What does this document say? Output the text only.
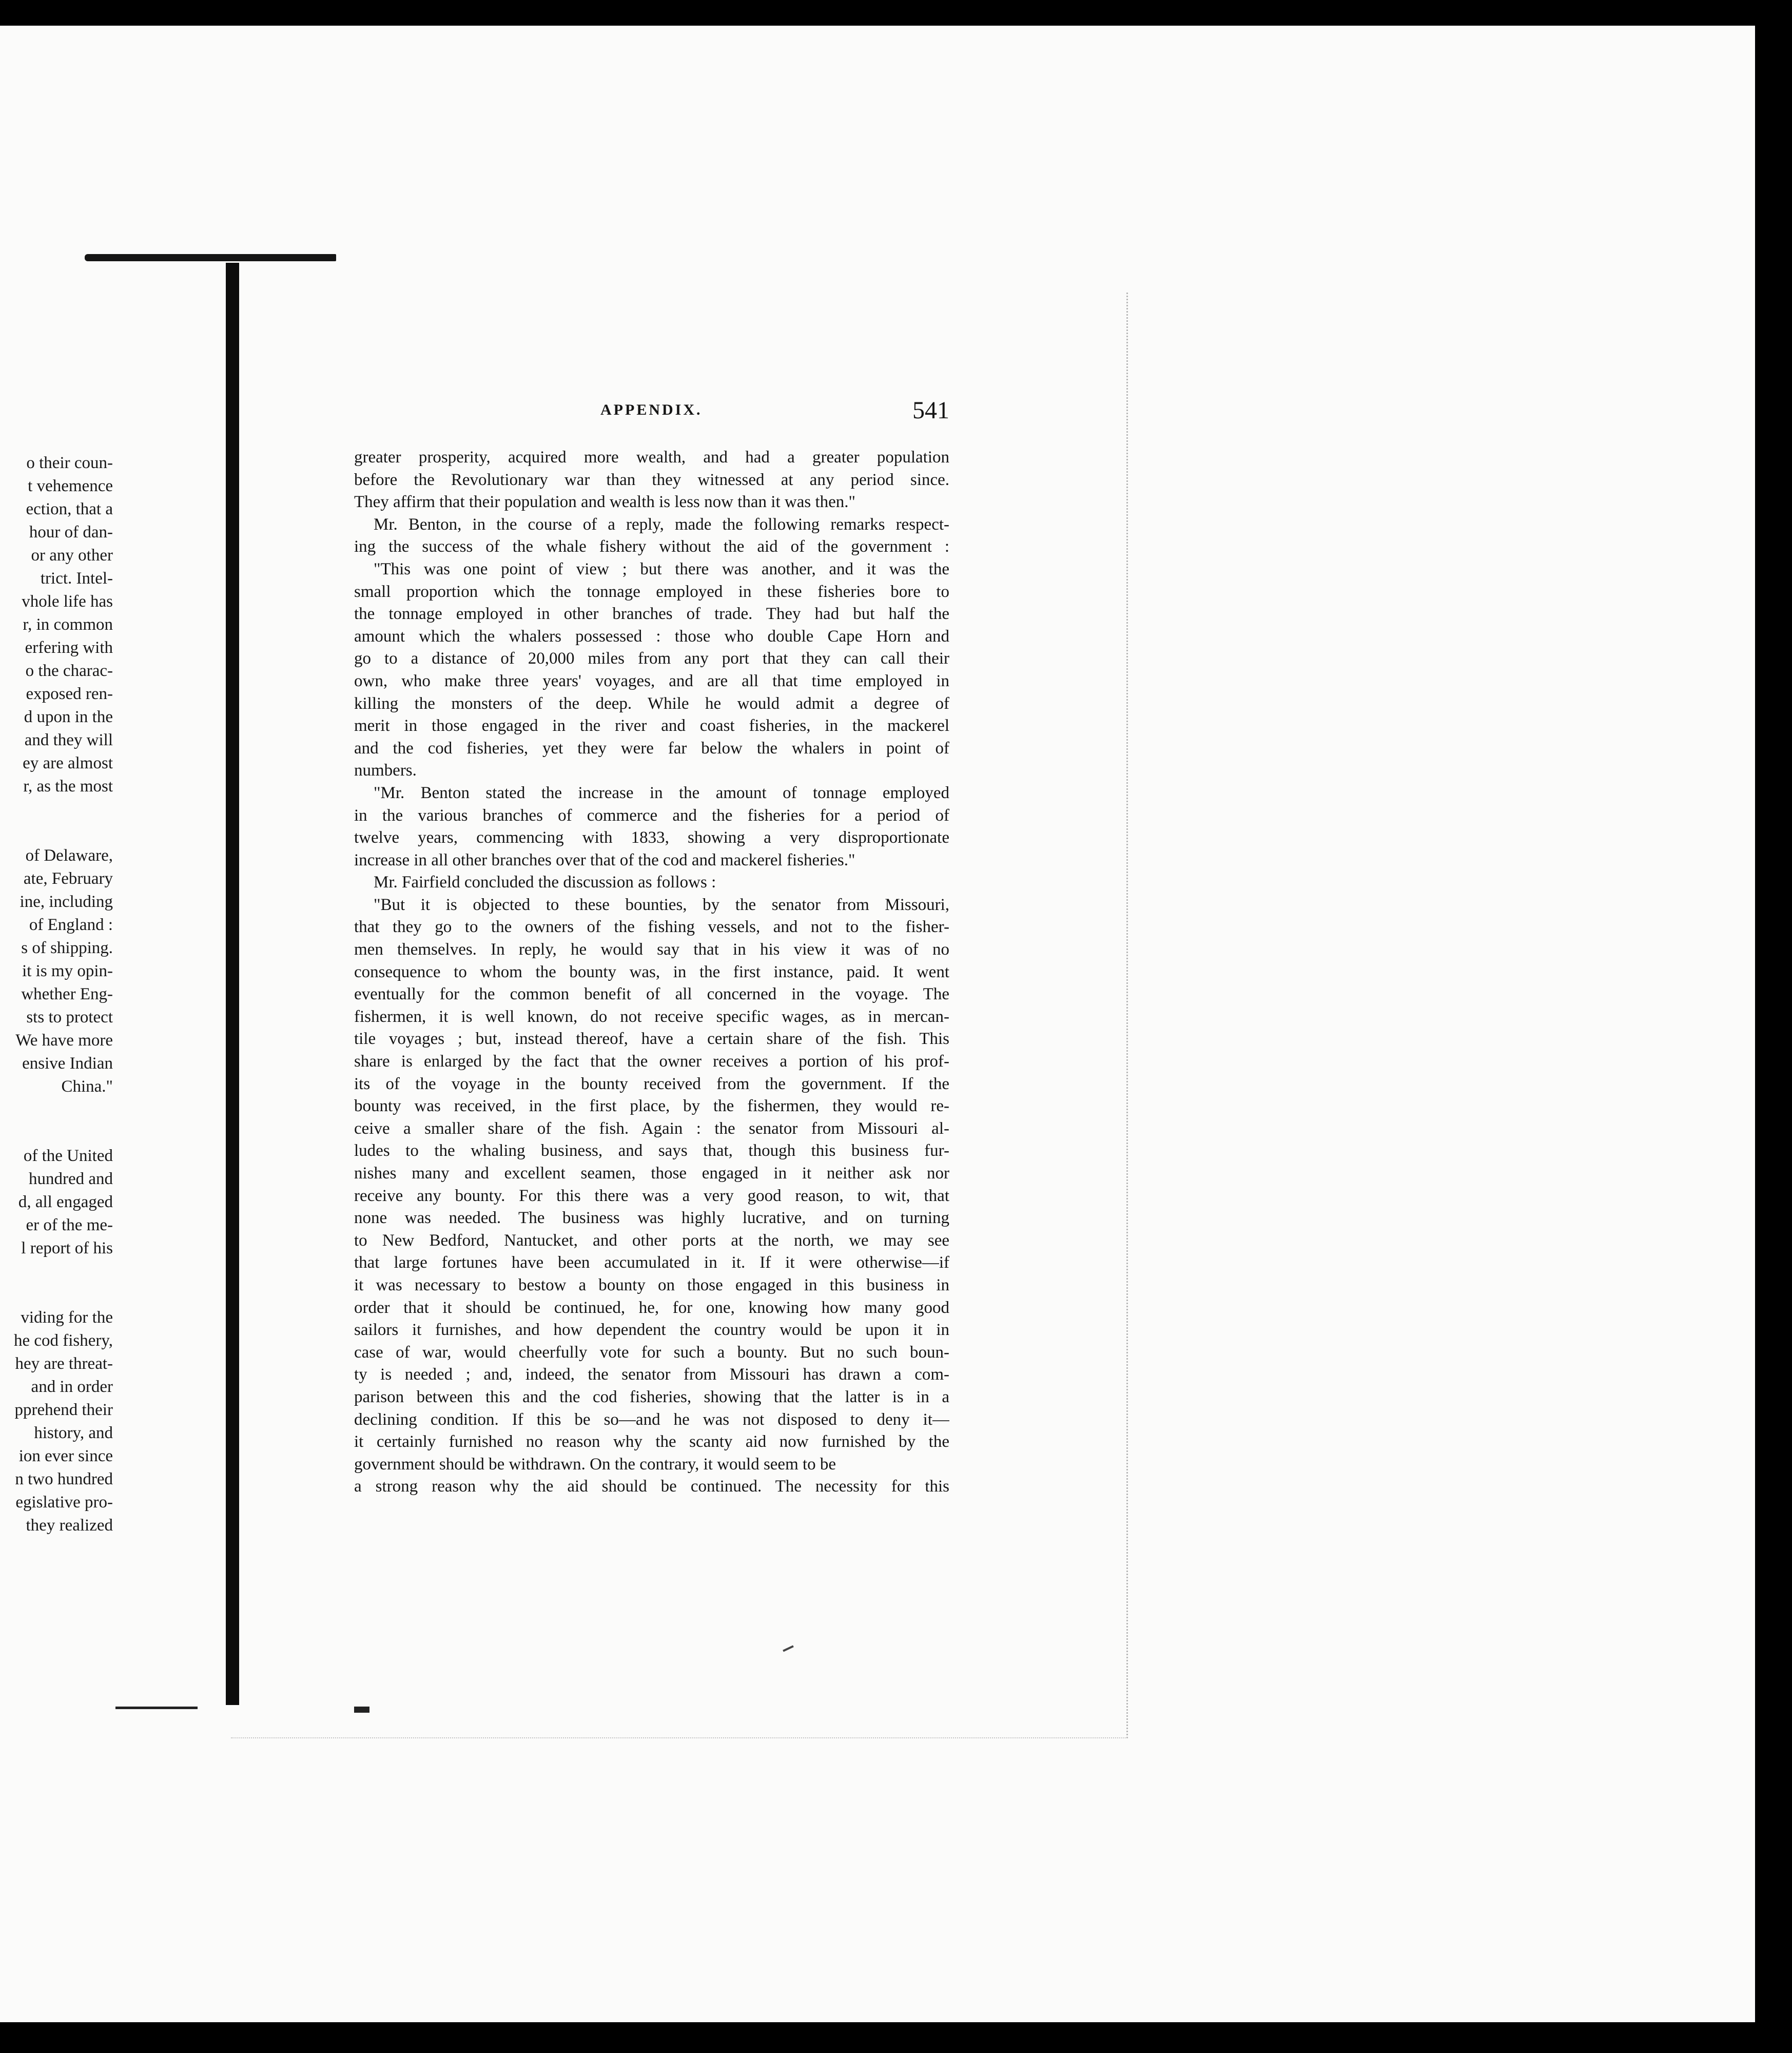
o their coun-
t vehemence
ection, that a
hour of dan-
or any other
trict. Intel-
vhole life has
r, in common
erfering with
o the charac-
exposed ren-
d upon in the
and they will
ey are almost
r, as the most
of Delaware,
ate, February
ine, including
of England :
s of shipping.
it is my opin-
whether Eng-
sts to protect
We have more
ensive Indian
China."
of the United
hundred and
d, all engaged
er of the me-
l report of his
viding for the
he cod fishery,
hey are threat-
and in order
pprehend their
history, and
ion ever since
n two hundred
egislative pro-
they realized
APPENDIX.	541
greater prosperity, acquired more wealth, and had a greater population
before the Revolutionary war than they witnessed at any period since.
They affirm that their population and wealth is less now than it was then."
Mr. Benton, in the course of a reply, made the following remarks respect-
ing the success of the whale fishery without the aid of the government :
"This was one point of view ; but there was another, and it was the
small proportion which the tonnage employed in these fisheries bore to
the tonnage employed in other branches of trade. They had but half the
amount which the whalers possessed : those who double Cape Horn and
go to a distance of 20,000 miles from any port that they can call their
own, who make three years' voyages, and are all that time employed in
killing the monsters of the deep. While he would admit a degree of
merit in those engaged in the river and coast fisheries, in the mackerel
and the cod fisheries, yet they were far below the whalers in point of
numbers.
"Mr. Benton stated the increase in the amount of tonnage employed
in the various branches of commerce and the fisheries for a period of
twelve years, commencing with 1833, showing a very disproportionate
increase in all other branches over that of the cod and mackerel fisheries."
Mr. Fairfield concluded the discussion as follows :
"But it is objected to these bounties, by the senator from Missouri,
that they go to the owners of the fishing vessels, and not to the fisher-
men themselves. In reply, he would say that in his view it was of no
consequence to whom the bounty was, in the first instance, paid. It went
eventually for the common benefit of all concerned in the voyage. The
fishermen, it is well known, do not receive specific wages, as in mercan-
tile voyages ; but, instead thereof, have a certain share of the fish. This
share is enlarged by the fact that the owner receives a portion of his prof-
its of the voyage in the bounty received from the government. If the
bounty was received, in the first place, by the fishermen, they would re-
ceive a smaller share of the fish. Again : the senator from Missouri al-
ludes to the whaling business, and says that, though this business fur-
nishes many and excellent seamen, those engaged in it neither ask nor
receive any bounty. For this there was a very good reason, to wit, that
none was needed. The business was highly lucrative, and on turning
to New Bedford, Nantucket, and other ports at the north, we may see
that large fortunes have been accumulated in it. If it were otherwise—if
it was necessary to bestow a bounty on those engaged in this business in
order that it should be continued, he, for one, knowing how many good
sailors it furnishes, and how dependent the country would be upon it in
case of war, would cheerfully vote for such a bounty. But no such boun-
ty is needed ; and, indeed, the senator from Missouri has drawn a com-
parison between this and the cod fisheries, showing that the latter is in a
declining condition. If this be so—and he was not disposed to deny it—
it certainly furnished no reason why the scanty aid now furnished by the
government should be withdrawn. On the contrary, it would seem to be
a strong reason why the aid should be continued. The necessity for this
